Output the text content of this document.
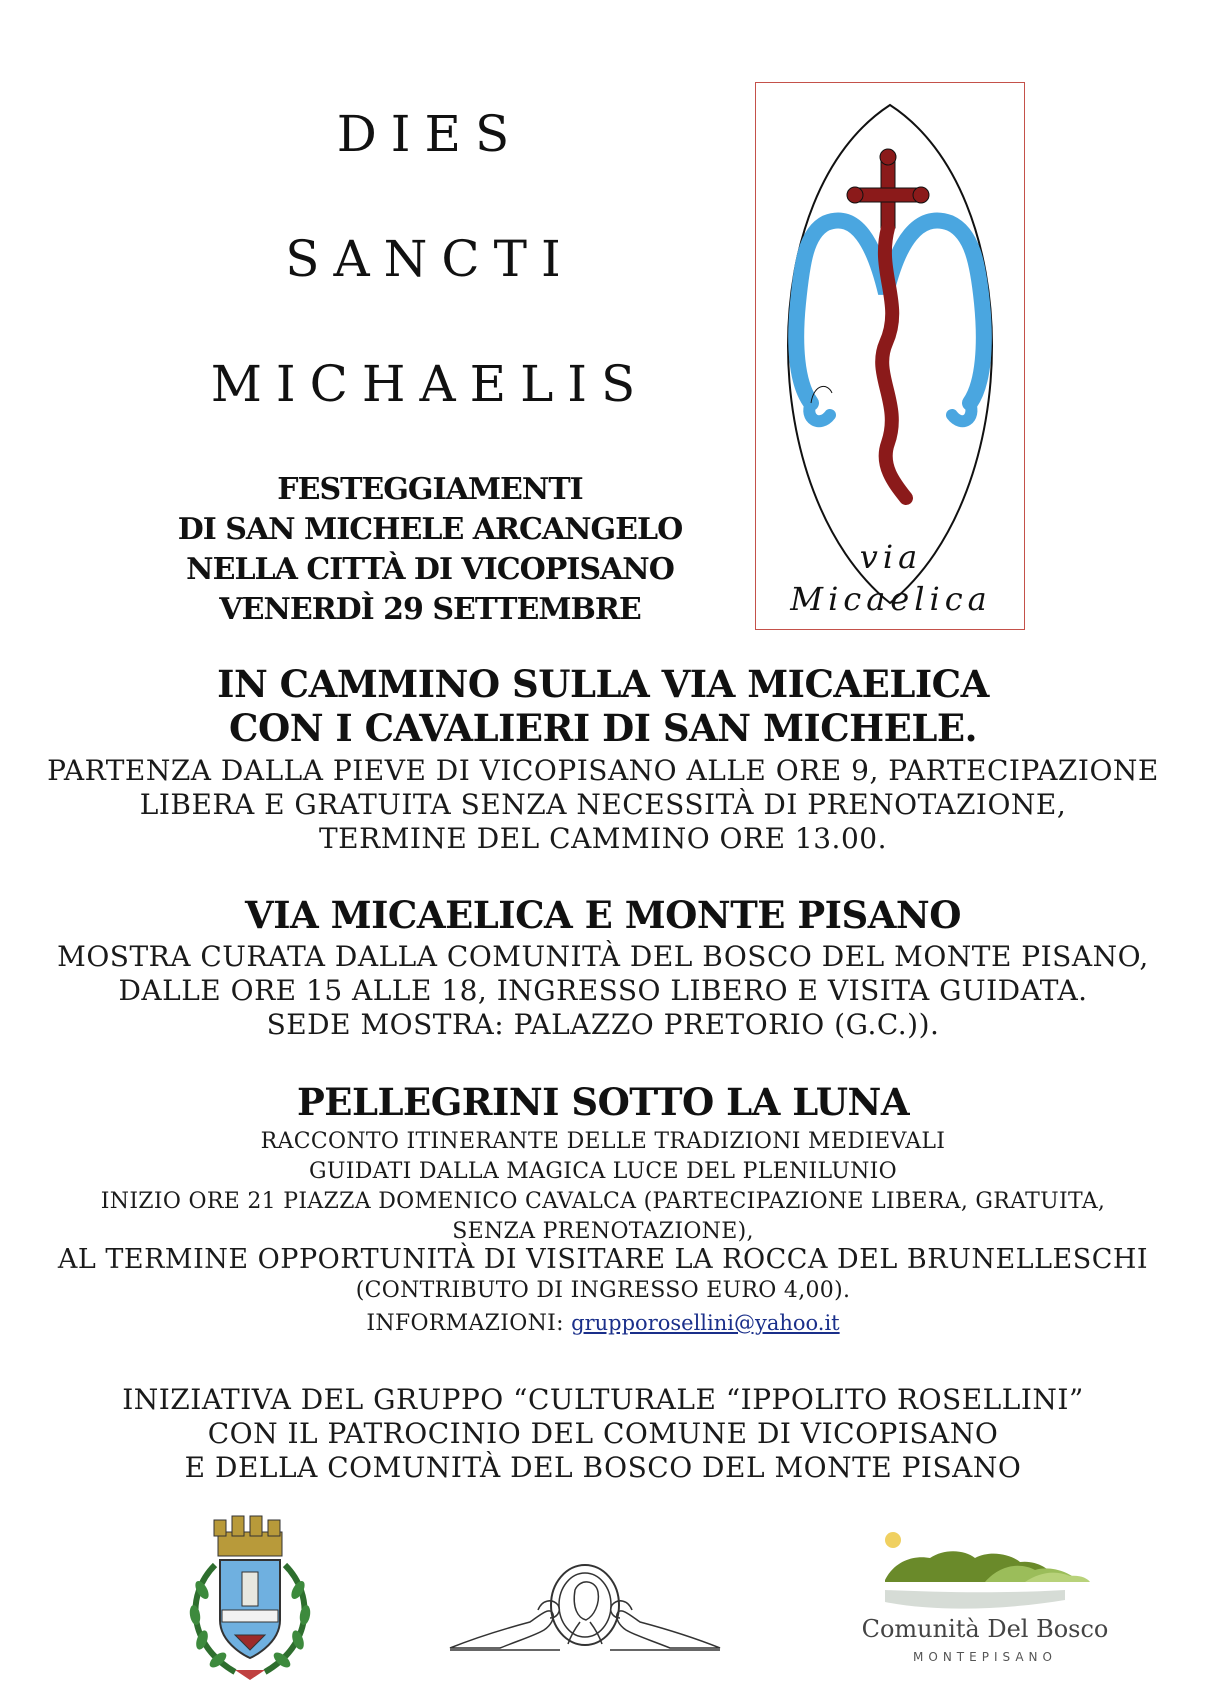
DIES
SANCTI
MICHAELIS
FESTEGGIAMENTI
DI SAN MICHELE ARCANGELO
NELLA CITTÀ DI VICOPISANO
VENERDÌ 29 SETTEMBRE
via
Micaelica
IN CAMMINO SULLA VIA MICAELICA
CON I CAVALIERI DI SAN MICHELE.
PARTENZA DALLA PIEVE DI VICOPISANO ALLE ORE 9, PARTECIPAZIONE
LIBERA E GRATUITA SENZA NECESSITÀ DI PRENOTAZIONE,
TERMINE DEL CAMMINO ORE 13.00.
VIA MICAELICA E MONTE PISANO
MOSTRA CURATA DALLA COMUNITÀ DEL BOSCO DEL MONTE PISANO,
DALLE ORE 15 ALLE 18, INGRESSO LIBERO E VISITA GUIDATA.
SEDE MOSTRA: PALAZZO PRETORIO (G.C.)).
PELLEGRINI SOTTO LA LUNA
RACCONTO ITINERANTE DELLE TRADIZIONI MEDIEVALI
GUIDATI DALLA MAGICA LUCE DEL PLENILUNIO
INIZIO ORE 21 PIAZZA DOMENICO CAVALCA (PARTECIPAZIONE LIBERA, GRATUITA,
SENZA PRENOTAZIONE),
AL TERMINE OPPORTUNITÀ DI VISITARE LA ROCCA DEL BRUNELLESCHI
(CONTRIBUTO DI INGRESSO EURO 4,00).
INFORMAZIONI: grupporosellini@yahoo.it
INIZIATIVA DEL GRUPPO “CULTURALE “IPPOLITO ROSELLINI”
CON IL PATROCINIO DEL COMUNE DI VICOPISANO
E DELLA COMUNITÀ DEL BOSCO DEL MONTE PISANO
Comunità Del Bosco
MONTEPISANO
